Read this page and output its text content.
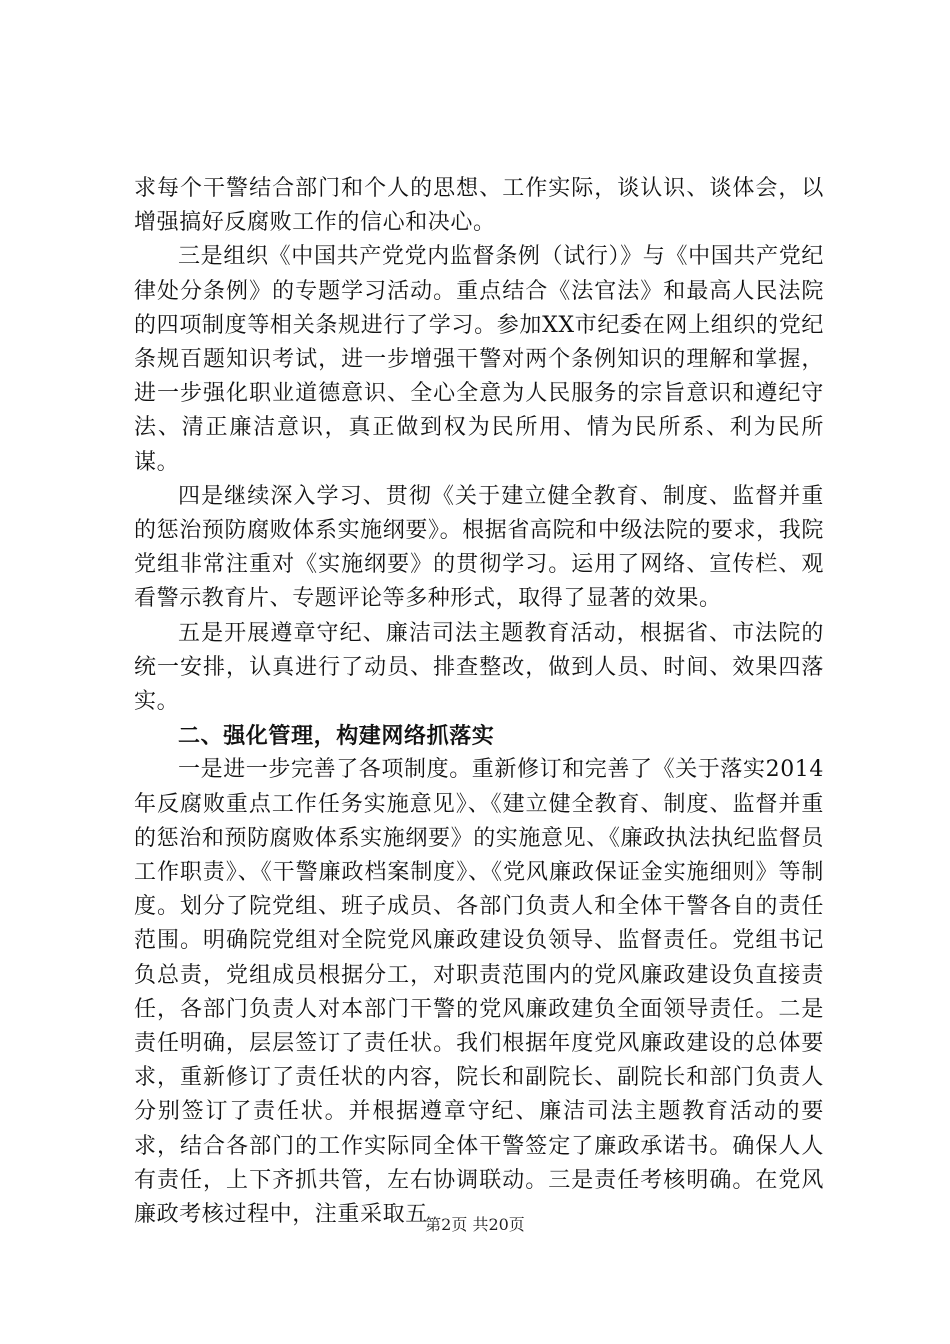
求每个干警结合部门和个人的思想、工作实际，谈认识、谈体会，以增强搞好反腐败工作的信心和决心。

三是组织《中国共产党党内监督条例（试行）》与《中国共产党纪律处分条例》的专题学习活动。重点结合《法官法》和最高人民法院的四项制度等相关条规进行了学习。参加XX市纪委在网上组织的党纪条规百题知识考试，进一步增强干警对两个条例知识的理解和掌握，进一步强化职业道德意识、全心全意为人民服务的宗旨意识和遵纪守法、清正廉洁意识，真正做到权为民所用、情为民所系、利为民所谋。

四是继续深入学习、贯彻《关于建立健全教育、制度、监督并重的惩治预防腐败体系实施纲要》。根据省高院和中级法院的要求，我院党组非常注重对《实施纲要》的贯彻学习。运用了网络、宣传栏、观看警示教育片、专题评论等多种形式，取得了显著的效果。

五是开展遵章守纪、廉洁司法主题教育活动，根据省、市法院的统一安排，认真进行了动员、排查整改，做到人员、时间、效果四落实。

二、强化管理，构建网络抓落实

一是进一步完善了各项制度。重新修订和完善了《关于落实2014年反腐败重点工作任务实施意见》、《建立健全教育、制度、监督并重的惩治和预防腐败体系实施纲要》的实施意见、《廉政执法执纪监督员工作职责》、《干警廉政档案制度》、《党风廉政保证金实施细则》等制度。划分了院党组、班子成员、各部门负责人和全体干警各自的责任范围。明确院党组对全院党风廉政建设负领导、监督责任。党组书记负总责，党组成员根据分工，对职责范围内的党风廉政建设负直接责任，各部门负责人对本部门干警的党风廉政建负全面领导责任。二是责任明确，层层签订了责任状。我们根据年度党风廉政建设的总体要求，重新修订了责任状的内容，院长和副院长、副院长和部门负责人分别签订了责任状。并根据遵章守纪、廉洁司法主题教育活动的要求，结合各部门的工作实际同全体干警签定了廉政承诺书。确保人人有责任，上下齐抓共管，左右协调联动。三是责任考核明确。在党风廉政考核过程中，注重采取五

第2页 共20页
